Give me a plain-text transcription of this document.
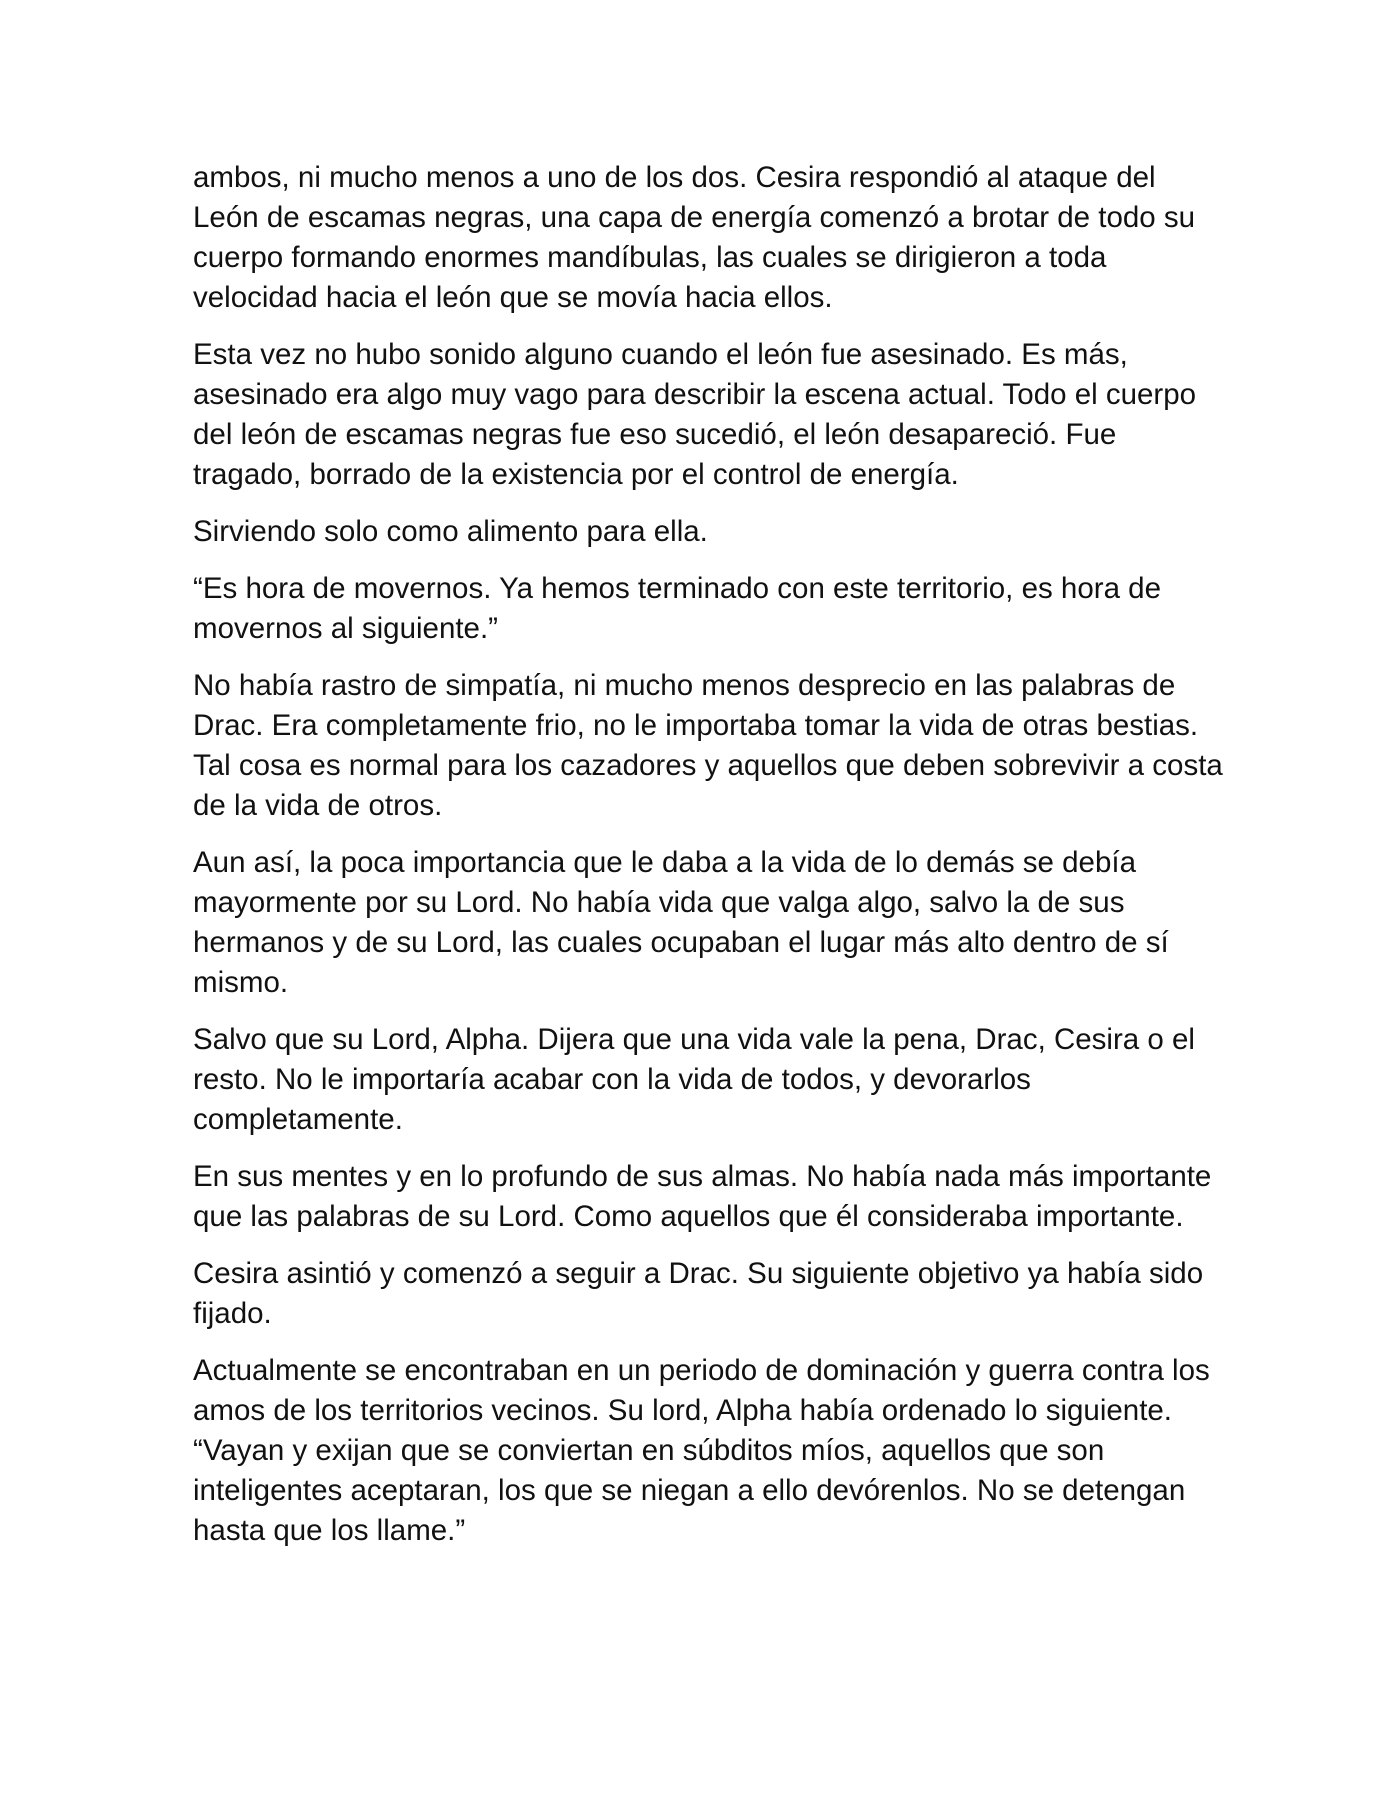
ambos, ni mucho menos a uno de los dos. Cesira respondió al ataque del León de escamas negras, una capa de energía comenzó a brotar de todo su cuerpo formando enormes mandíbulas, las cuales se dirigieron a toda velocidad hacia el león que se movía hacia ellos.

Esta vez no hubo sonido alguno cuando el león fue asesinado. Es más, asesinado era algo muy vago para describir la escena actual. Todo el cuerpo del león de escamas negras fue eso sucedió, el león desapareció. Fue tragado, borrado de la existencia por el control de energía.

Sirviendo solo como alimento para ella.

“Es hora de movernos. Ya hemos terminado con este territorio, es hora de movernos al siguiente.”

No había rastro de simpatía, ni mucho menos desprecio en las palabras de Drac. Era completamente frio, no le importaba tomar la vida de otras bestias. Tal cosa es normal para los cazadores y aquellos que deben sobrevivir a costa de la vida de otros.

Aun así, la poca importancia que le daba a la vida de lo demás se debía mayormente por su Lord. No había vida que valga algo, salvo la de sus hermanos y de su Lord, las cuales ocupaban el lugar más alto dentro de sí mismo.

Salvo que su Lord, Alpha. Dijera que una vida vale la pena, Drac, Cesira o el resto. No le importaría acabar con la vida de todos, y devorarlos completamente.

En sus mentes y en lo profundo de sus almas. No había nada más importante que las palabras de su Lord. Como aquellos que él consideraba importante.

Cesira asintió y comenzó a seguir a Drac. Su siguiente objetivo ya había sido fijado.

Actualmente se encontraban en un periodo de dominación y guerra contra los amos de los territorios vecinos. Su lord, Alpha había ordenado lo siguiente. “Vayan y exijan que se conviertan en súbditos míos, aquellos que son inteligentes aceptaran, los que se niegan a ello devórenlos. No se detengan hasta que los llame.”
